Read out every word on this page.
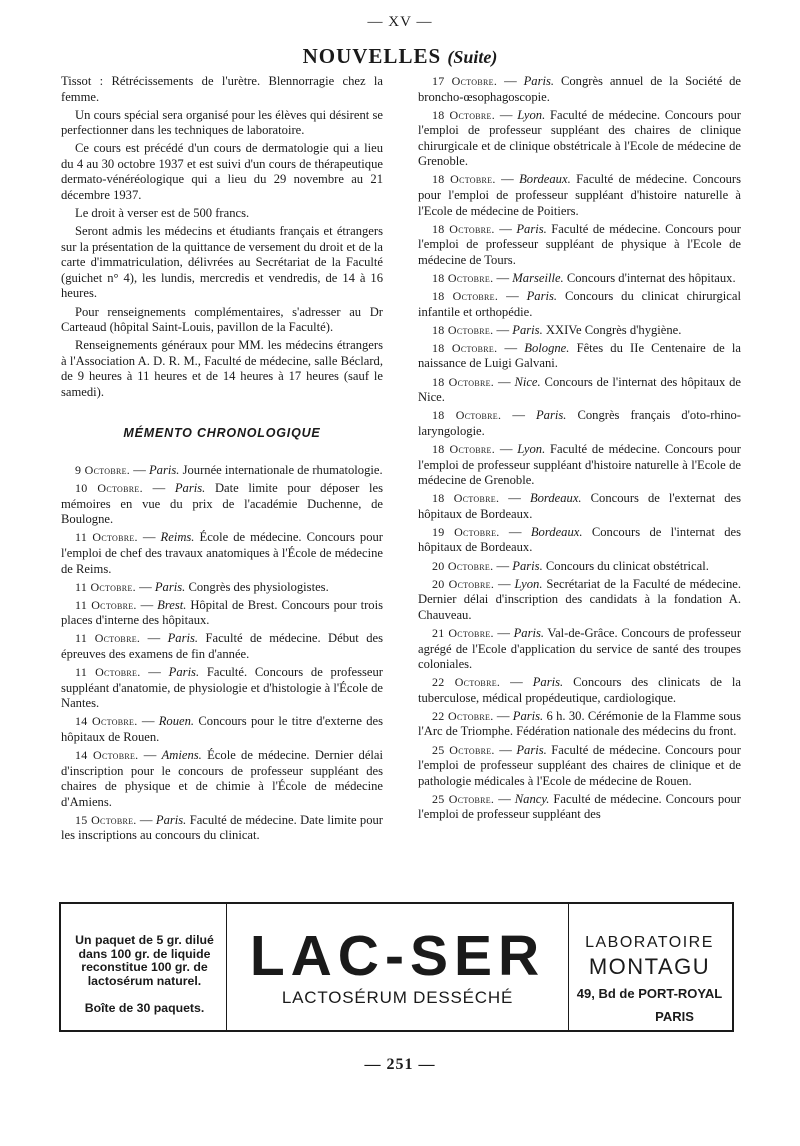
— XV —
NOUVELLES (Suite)

Tissot : Rétrécissements de l'urètre. Blennorragie chez la femme.

Un cours spécial sera organisé pour les élèves qui désirent se perfectionner dans les techniques de laboratoire.

Ce cours est précédé d'un cours de dermatologie qui a lieu du 4 au 30 octobre 1937 et est suivi d'un cours de thérapeutique dermato-vénéréologique qui a lieu du 29 novembre au 21 décembre 1937.

Le droit à verser est de 500 francs.

Seront admis les médecins et étudiants français et étrangers sur la présentation de la quittance de versement du droit et de la carte d'immatriculation, délivrées au Secrétariat de la Faculté (guichet n° 4), les lundis, mercredis et vendredis, de 14 à 16 heures.

Pour renseignements complémentaires, s'adresser au Dr Carteaud (hôpital Saint-Louis, pavillon de la Faculté).

Renseignements généraux pour MM. les médecins étrangers à l'Association A. D. R. M., Faculté de médecine, salle Béclard, de 9 heures à 11 heures et de 14 heures à 17 heures (sauf le samedi).

MÉMENTO CHRONOLOGIQUE

9 Octobre. — Paris. Journée internationale de rhumatologie.

10 Octobre. — Paris. Date limite pour déposer les mémoires en vue du prix de l'académie Duchenne, de Boulogne.

11 Octobre. — Reims. École de médecine. Concours pour l'emploi de chef des travaux anatomiques à l'École de médecine de Reims.

11 Octobre. — Paris. Congrès des physiologistes.

11 Octobre. — Brest. Hôpital de Brest. Concours pour trois places d'interne des hôpitaux.

11 Octobre. — Paris. Faculté de médecine. Début des épreuves des examens de fin d'année.

11 Octobre. — Paris. Faculté. Concours de professeur suppléant d'anatomie, de physiologie et d'histologie à l'École de Nantes.

14 Octobre. — Rouen. Concours pour le titre d'externe des hôpitaux de Rouen.

14 Octobre. — Amiens. École de médecine. Dernier délai d'inscription pour le concours de professeur suppléant des chaires de physique et de chimie à l'École de médecine d'Amiens.

15 Octobre. — Paris. Faculté de médecine. Date limite pour les inscriptions au concours du clinicat.

17 Octobre. — Paris. Congrès annuel de la Société de broncho-œsophagoscopie.

18 Octobre. — Lyon. Faculté de médecine. Concours pour l'emploi de professeur suppléant des chaires de clinique chirurgicale et de clinique obstétricale à l'Ecole de médecine de Grenoble.

18 Octobre. — Bordeaux. Faculté de médecine. Concours pour l'emploi de professeur suppléant d'histoire naturelle à l'Ecole de médecine de Poitiers.

18 Octobre. — Paris. Faculté de médecine. Concours pour l'emploi de professeur suppléant de physique à l'Ecole de médecine de Tours.

18 Octobre. — Marseille. Concours d'internat des hôpitaux.

18 Octobre. — Paris. Concours du clinicat chirurgical infantile et orthopédie.

18 Octobre. — Paris. XXIVe Congrès d'hygiène.

18 Octobre. — Bologne. Fêtes du IIe Centenaire de la naissance de Luigi Galvani.

18 Octobre. — Nice. Concours de l'internat des hôpitaux de Nice.

18 Octobre. — Paris. Congrès français d'oto-rhino-laryngologie.

18 Octobre. — Lyon. Faculté de médecine. Concours pour l'emploi de professeur suppléant d'histoire naturelle à l'Ecole de médecine de Grenoble.

18 Octobre. — Bordeaux. Concours de l'externat des hôpitaux de Bordeaux.

19 Octobre. — Bordeaux. Concours de l'internat des hôpitaux de Bordeaux.

20 Octobre. — Paris. Concours du clinicat obstétrical.

20 Octobre. — Lyon. Secrétariat de la Faculté de médecine. Dernier délai d'inscription des candidats à la fondation A. Chauveau.

21 Octobre. — Paris. Val-de-Grâce. Concours de professeur agrégé de l'Ecole d'application du service de santé des troupes coloniales.

22 Octobre. — Paris. Concours des clinicats de la tuberculose, médical propédeutique, cardiologique.

22 Octobre. — Paris. 6 h. 30. Cérémonie de la Flamme sous l'Arc de Triomphe. Fédération nationale des médecins du front.

25 Octobre. — Paris. Faculté de médecine. Concours pour l'emploi de professeur suppléant des chaires de clinique et de pathologie médicales à l'Ecole de médecine de Rouen.

25 Octobre. — Nancy. Faculté de médecine. Concours pour l'emploi de professeur suppléant des

Un paquet de 5 gr. dilué dans 100 gr. de liquide reconstitue 100 gr. de lactosérum naturel.
Boîte de 30 paquets.
LAC-SER
LACTOSÉRUM DESSÉCHÉ
LABORATOIRE
MONTAGU
49, Bd de PORT-ROYAL
PARIS
— 251 —
